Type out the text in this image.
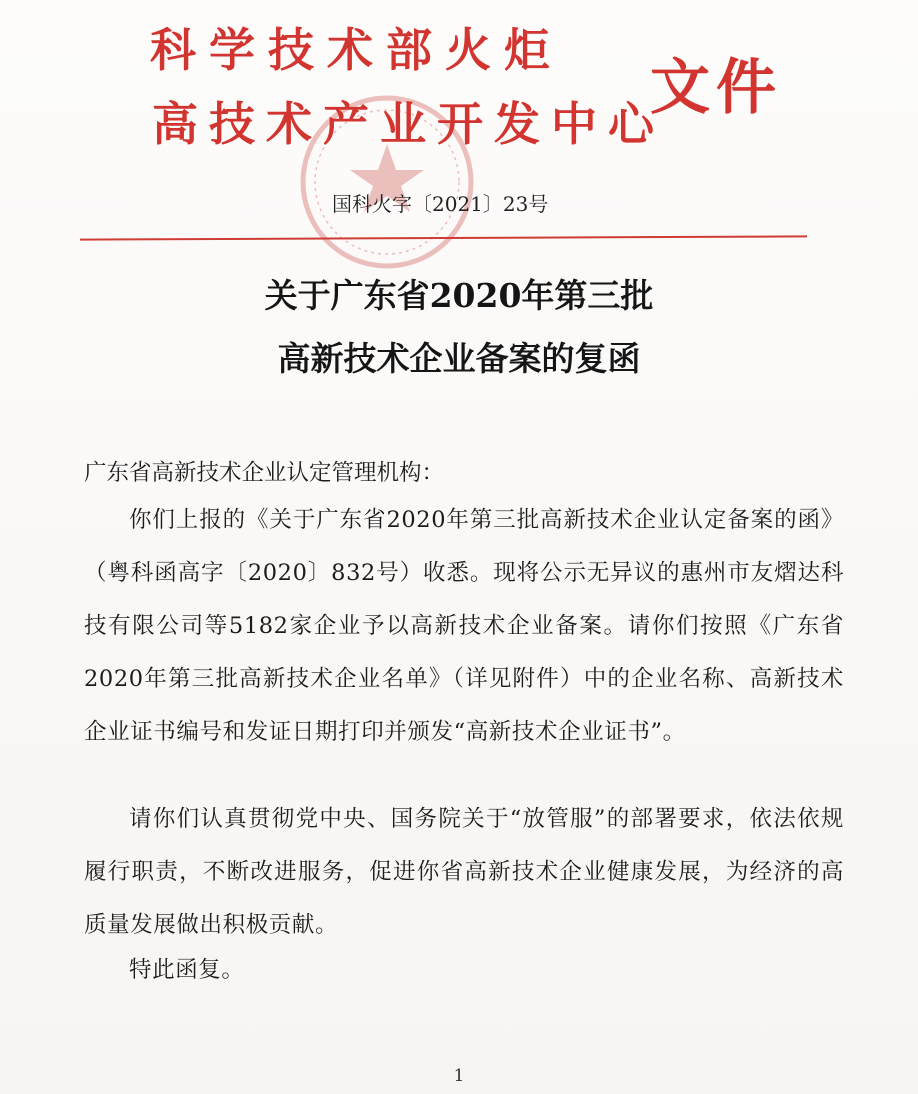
科学技术部火炬
高技术产业开发中心
文件
国科火字〔2021〕23号
关于广东省2020年第三批
高新技术企业备案的复函
广东省高新技术企业认定管理机构：
你们上报的《关于广东省2020年第三批高新技术企业认定备案的函》（粤科函高字〔2020〕832号）收悉。现将公示无异议的惠州市友熠达科技有限公司等5182家企业予以高新技术企业备案。请你们按照《广东省2020年第三批高新技术企业名单》（详见附件）中的企业名称、高新技术企业证书编号和发证日期打印并颁发“高新技术企业证书”。
请你们认真贯彻党中央、国务院关于“放管服”的部署要求，依法依规履行职责，不断改进服务，促进你省高新技术企业健康发展，为经济的高质量发展做出积极贡献。
特此函复。
1
